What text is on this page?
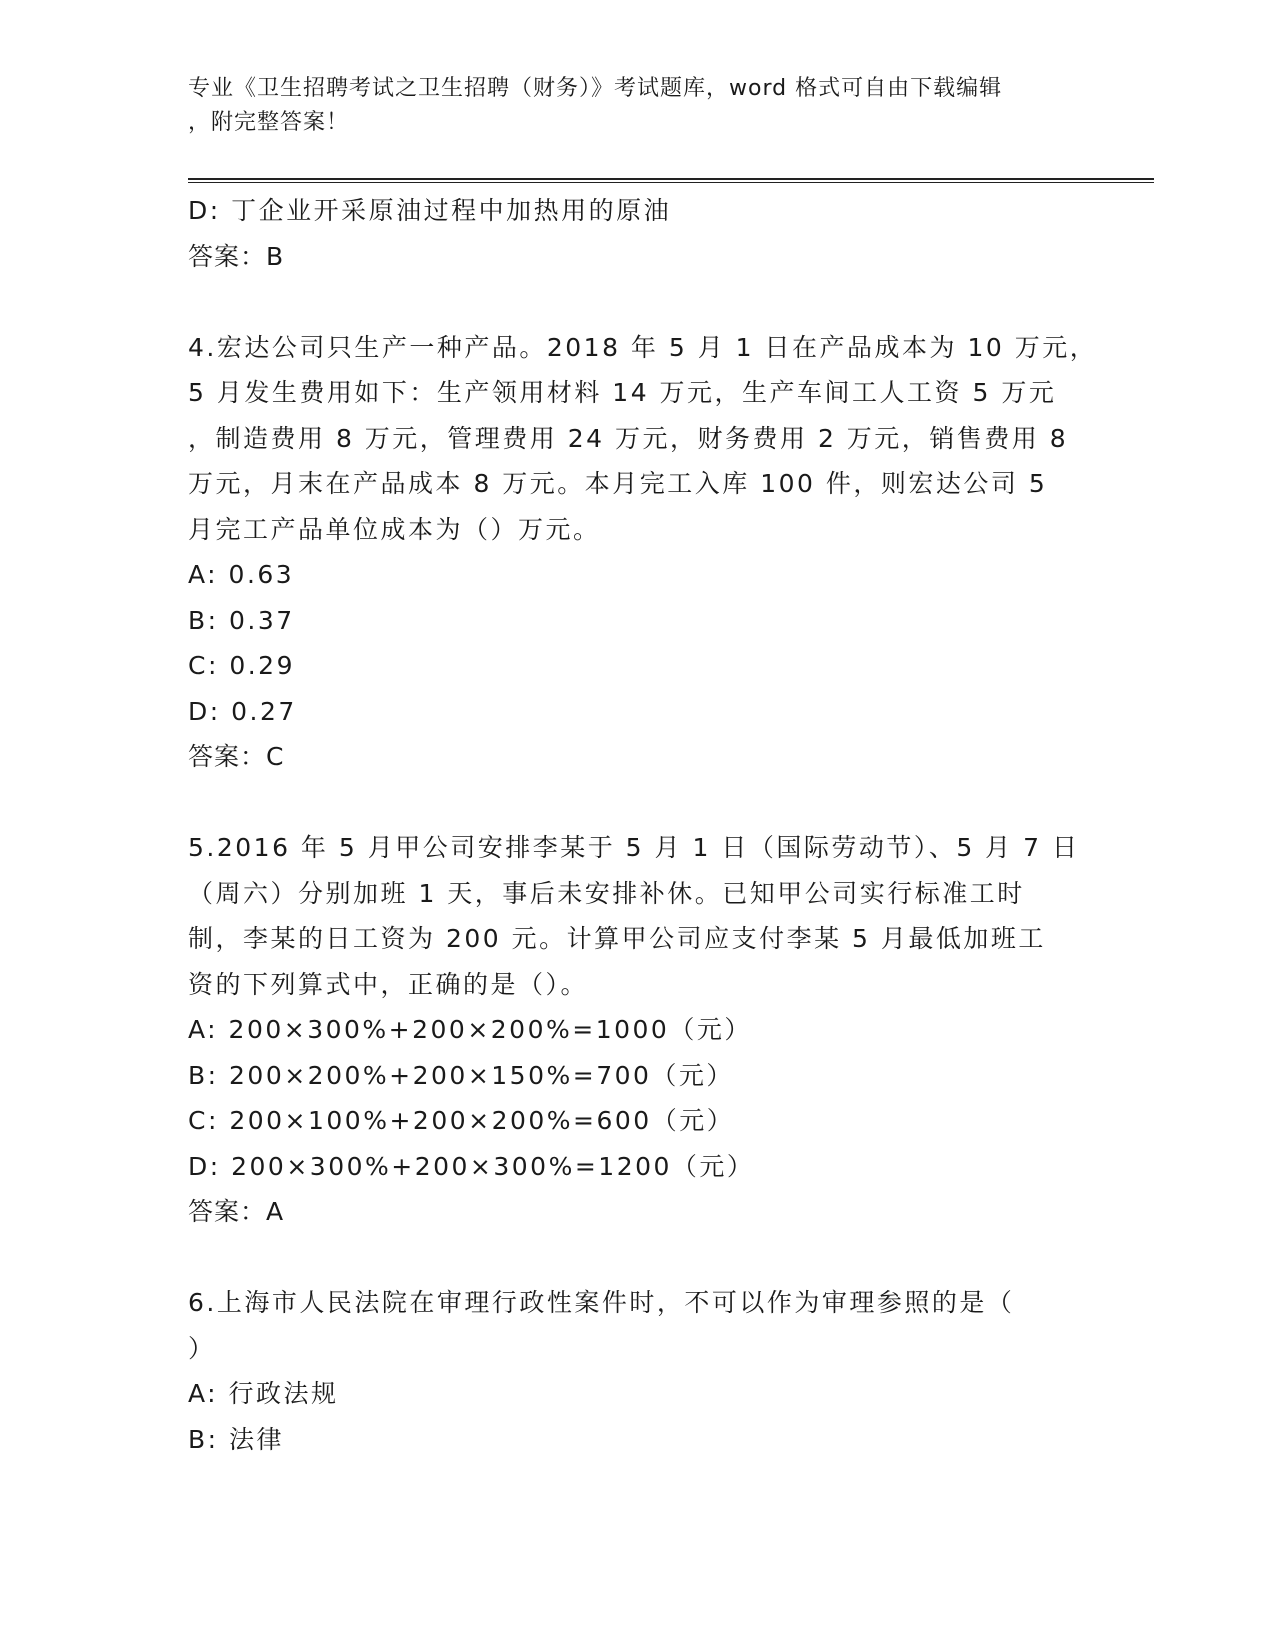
专业《卫生招聘考试之卫生招聘（财务）》考试题库，word 格式可自由下载编辑
，附完整答案！
D: 丁企业开采原油过程中加热用的原油
答案：B
4.宏达公司只生产一种产品。2018 年 5 月 1 日在产品成本为 10 万元，
5 月发生费用如下：生产领用材料 14 万元，生产车间工人工资 5 万元
，制造费用 8 万元，管理费用 24 万元，财务费用 2 万元，销售费用 8
万元，月末在产品成本 8 万元。本月完工入库 100 件，则宏达公司 5
月完工产品单位成本为（）万元。
A: 0.63
B: 0.37
C: 0.29
D: 0.27
答案：C
5.2016 年 5 月甲公司安排李某于 5 月 1 日（国际劳动节）、5 月 7 日
（周六）分别加班 1 天，事后未安排补休。已知甲公司实行标准工时
制，李某的日工资为 200 元。计算甲公司应支付李某 5 月最低加班工
资的下列算式中，正确的是（）。
A: 200×300%+200×200%=1000（元）
B: 200×200%+200×150%=700（元）
C: 200×100%+200×200%=600（元）
D: 200×300%+200×300%=1200（元）
答案：A
6.上海市人民法院在审理行政性案件时，不可以作为审理参照的是（
）
A: 行政法规
B: 法律
